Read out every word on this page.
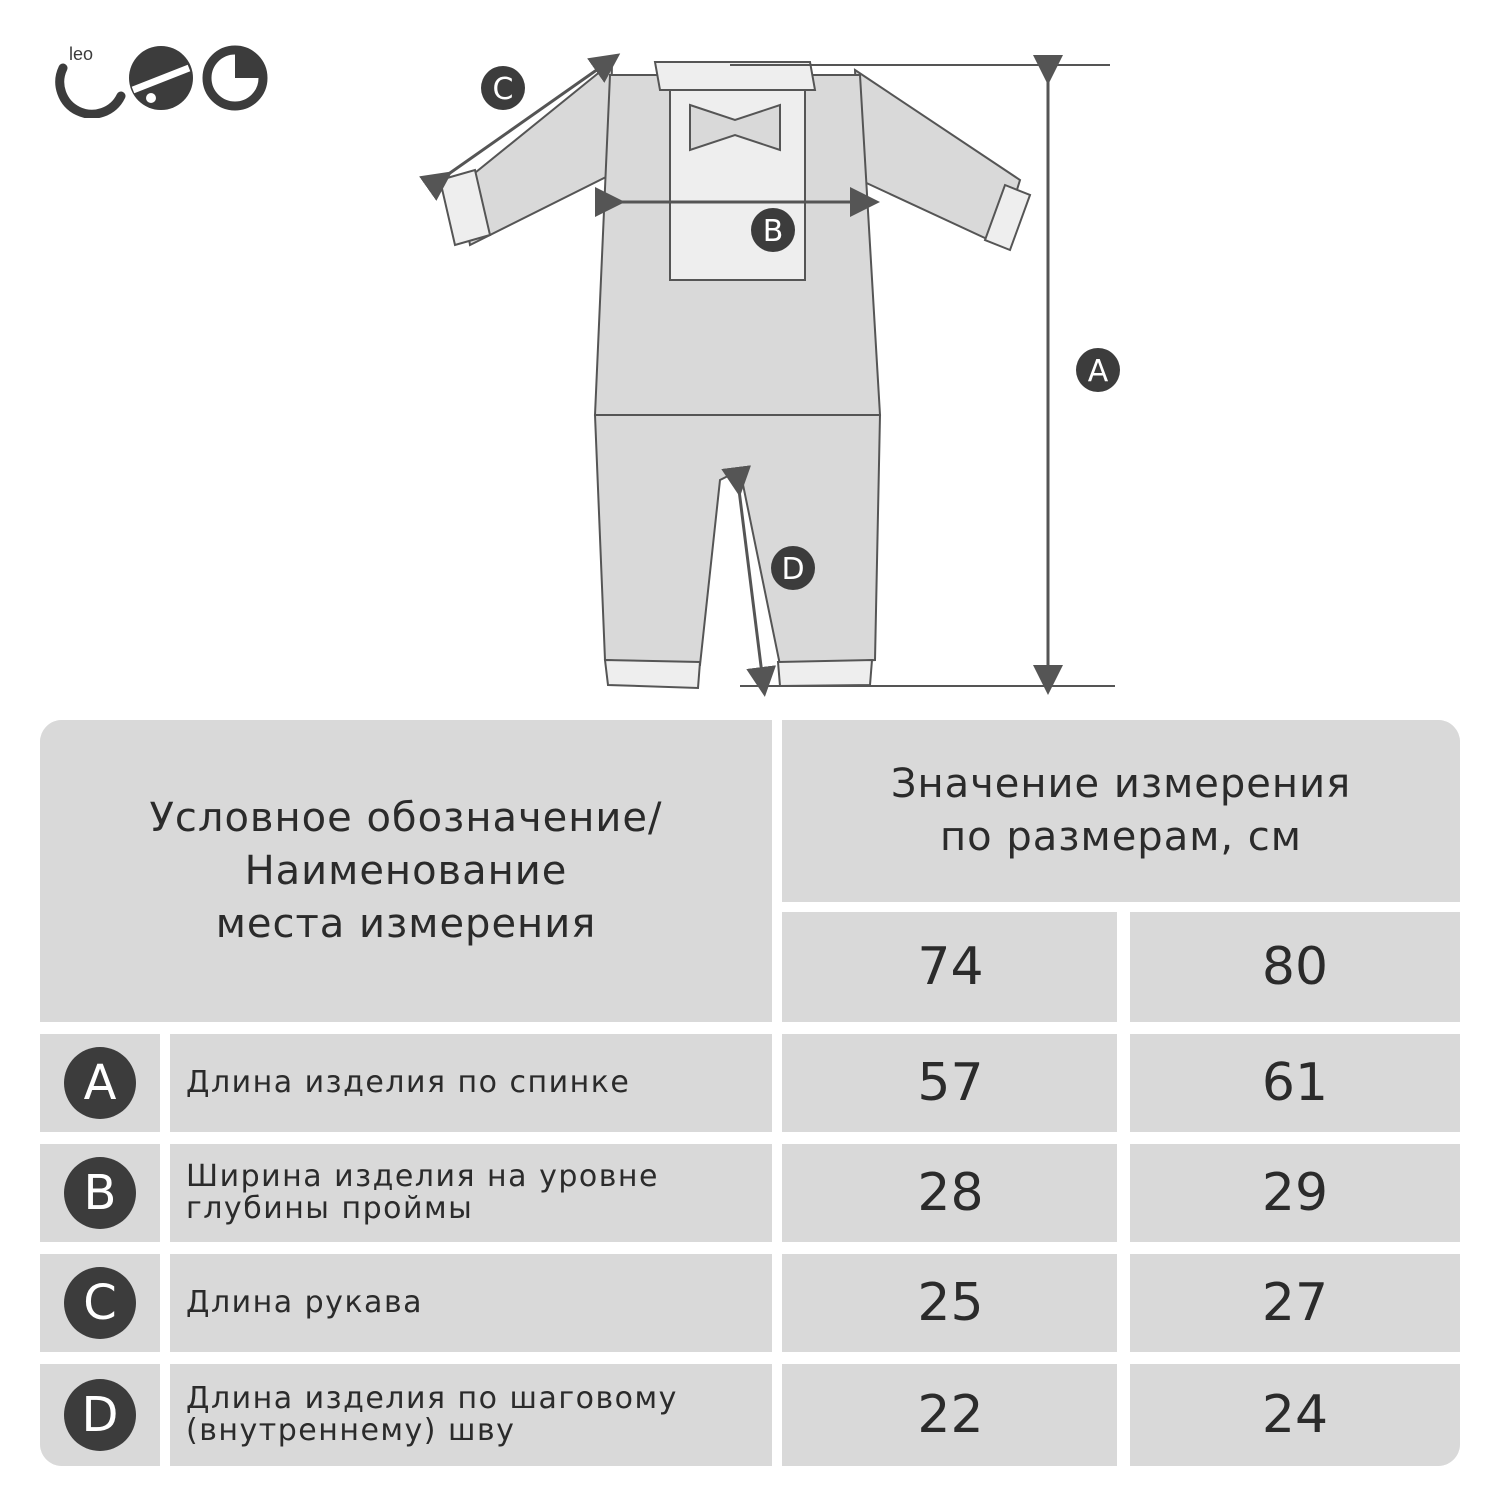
leo
A
B
C
D
Условное обозначение/
Наименование
места измерения
Значение измерения
по размерам, см
74	80
A	Длина изделия по спинке	57	61
B	Ширина изделия на уровне
глубины проймы	28	29
C	Длина рукава	25	27
D	Длина изделия по шаговому
(внутреннему) шву	22	24
